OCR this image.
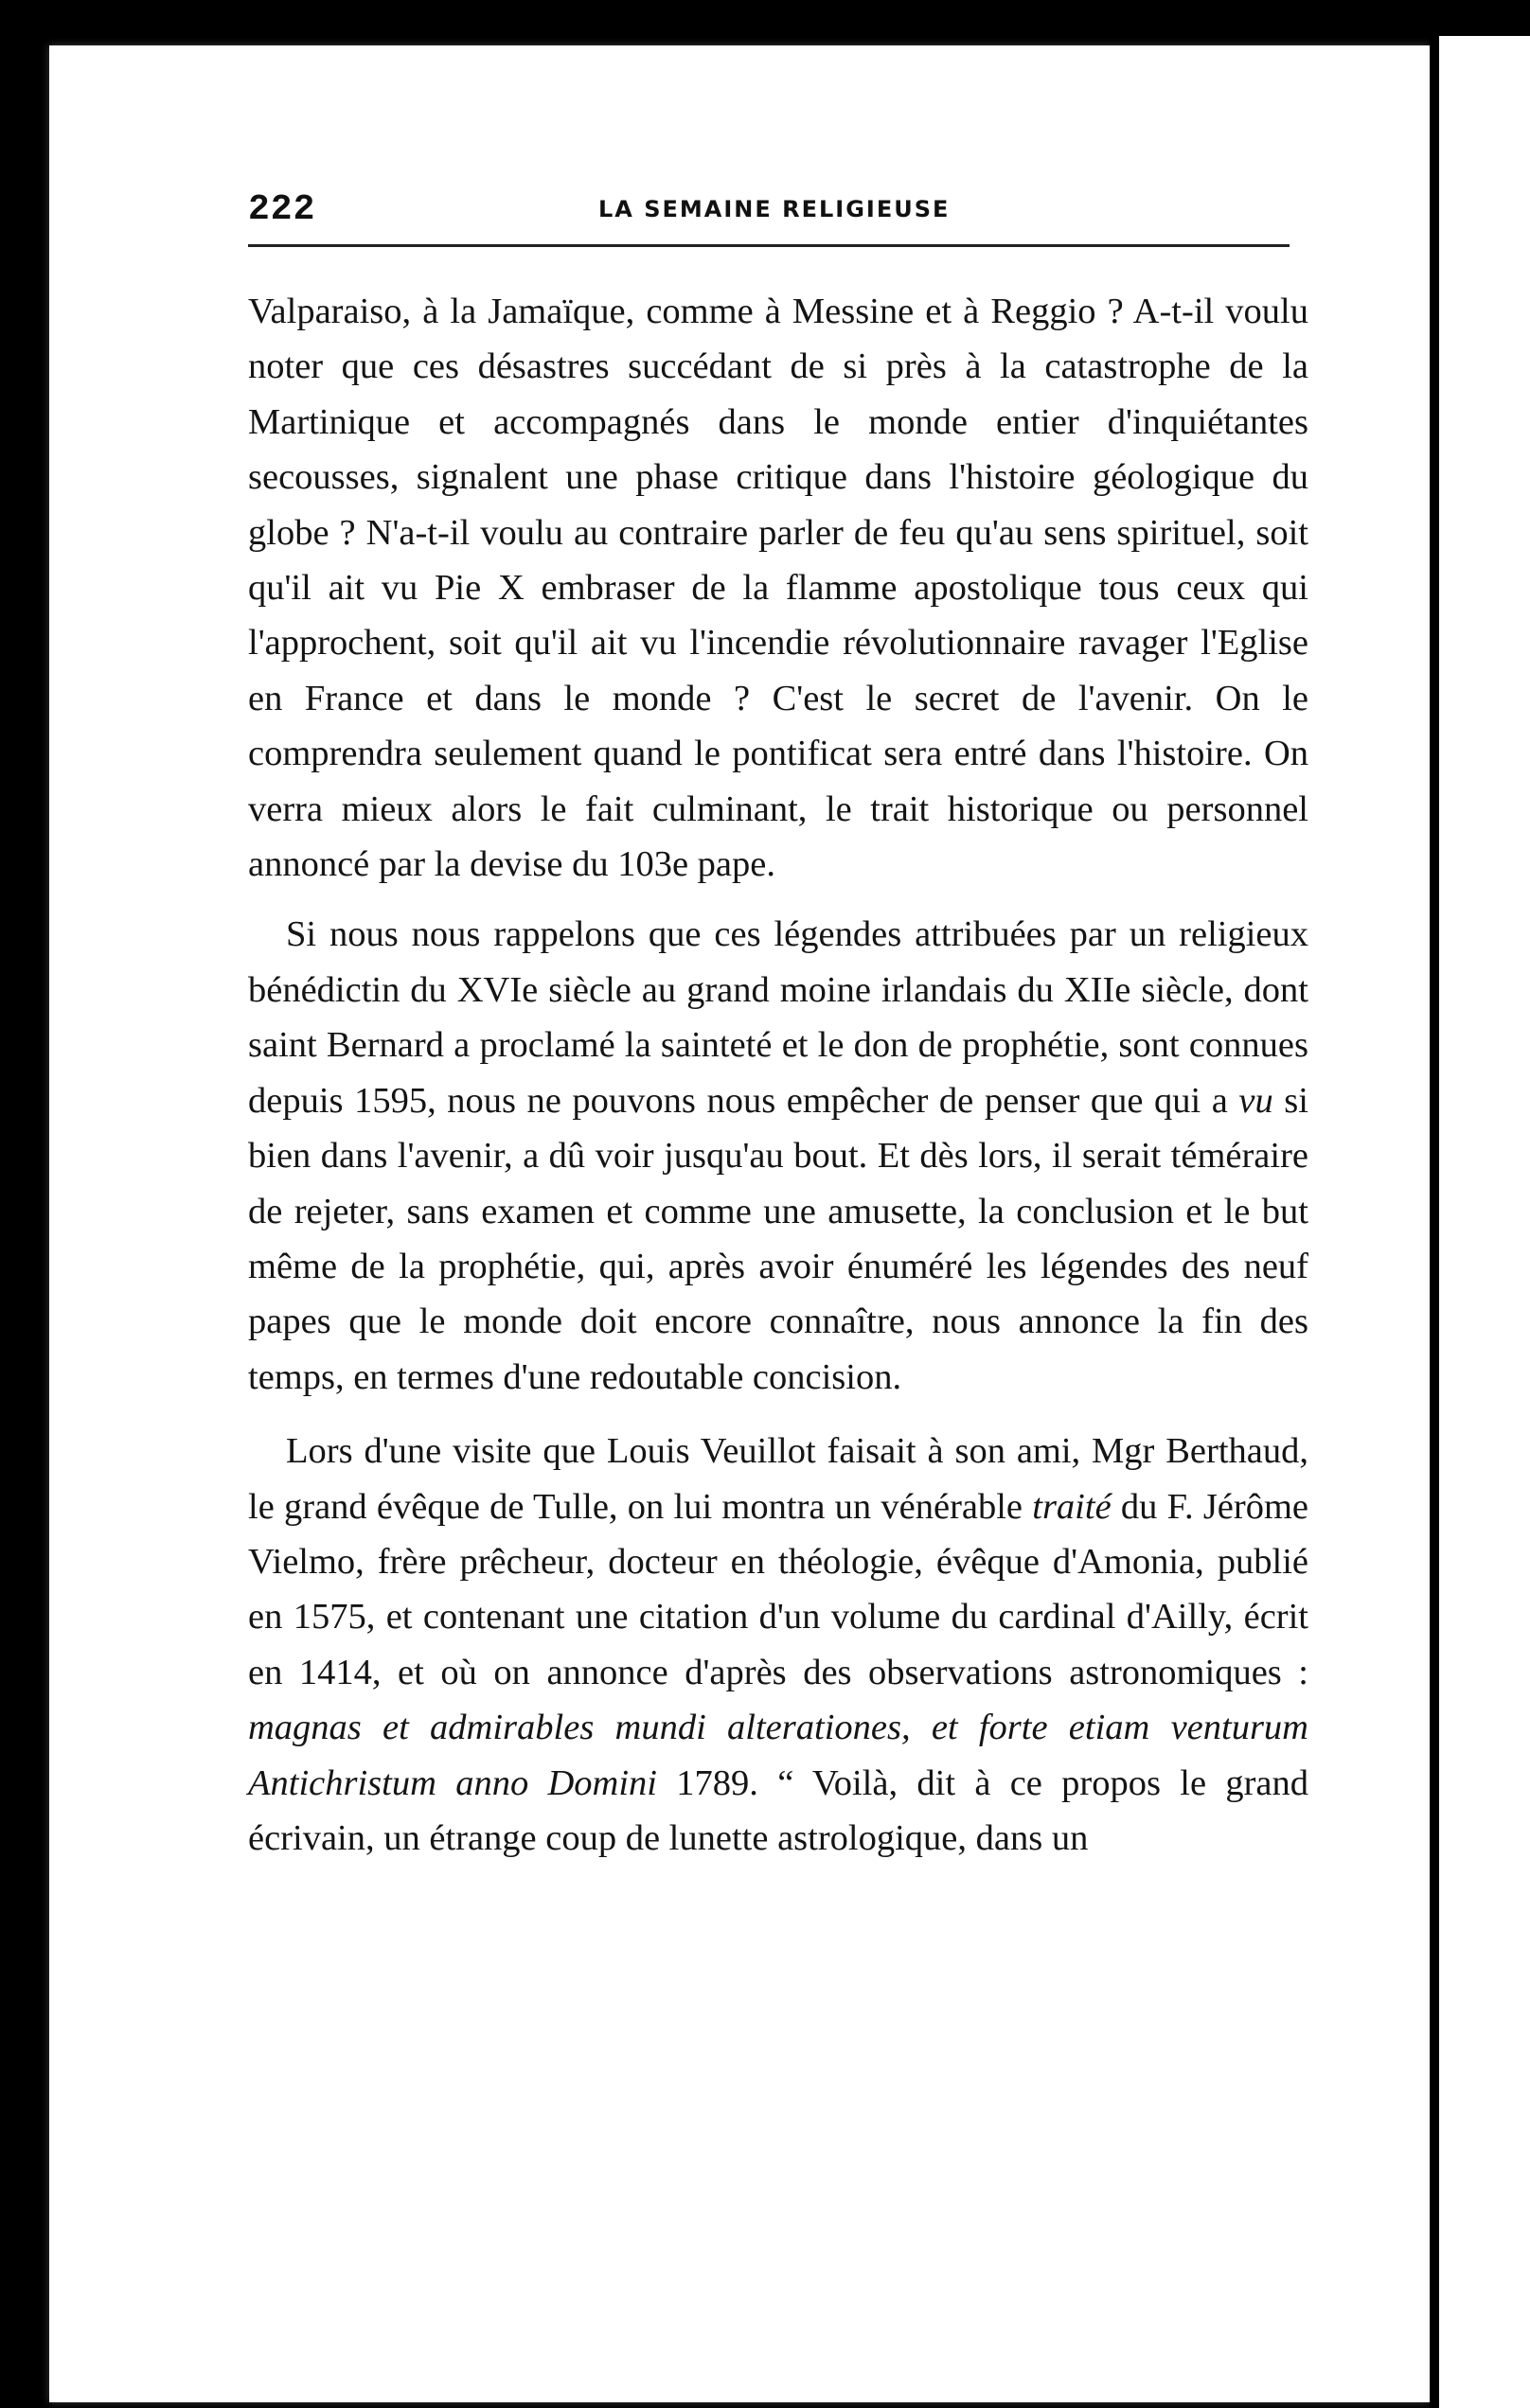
222	LA SEMAINE RELIGIEUSE

Valparaiso, à la Jamaïque, comme à Messine et à Reggio ? A-t-il voulu noter que ces désastres succédant de si près à la catastrophe de la Martinique et accompagnés dans le monde entier d'inquiétantes secousses, signalent une phase critique dans l'histoire géologique du globe ? N'a-t-il voulu au contraire parler de feu qu'au sens spirituel, soit qu'il ait vu Pie X embraser de la flamme apostolique tous ceux qui l'approchent, soit qu'il ait vu l'incendie révolutionnaire ravager l'Eglise en France et dans le monde ? C'est le secret de l'avenir. On le comprendra seulement quand le pontificat sera entré dans l'histoire. On verra mieux alors le fait culminant, le trait historique ou personnel annoncé par la devise du 103e pape.

Si nous nous rappelons que ces légendes attribuées par un religieux bénédictin du XVIe siècle au grand moine irlandais du XIIe siècle, dont saint Bernard a proclamé la sainteté et le don de prophétie, sont connues depuis 1595, nous ne pouvons nous empêcher de penser que qui a vu si bien dans l'avenir, a dû voir jusqu'au bout. Et dès lors, il serait téméraire de rejeter, sans examen et comme une amusette, la conclusion et le but même de la prophétie, qui, après avoir énuméré les légendes des neuf papes que le monde doit encore connaître, nous annonce la fin des temps, en termes d'une redoutable concision.

Lors d'une visite que Louis Veuillot faisait à son ami, Mgr Berthaud, le grand évêque de Tulle, on lui montra un vénérable traité du F. Jérôme Vielmo, frère prêcheur, docteur en théologie, évêque d'Amonia, publié en 1575, et contenant une citation d'un volume du cardinal d'Ailly, écrit en 1414, et où on annonce d'après des observations astronomiques : magnas et admirables mundi alterationes, et forte etiam venturum Antichristum anno Domini 1789. “ Voilà, dit à ce propos le grand écrivain, un étrange coup de lunette astrologique, dans un
